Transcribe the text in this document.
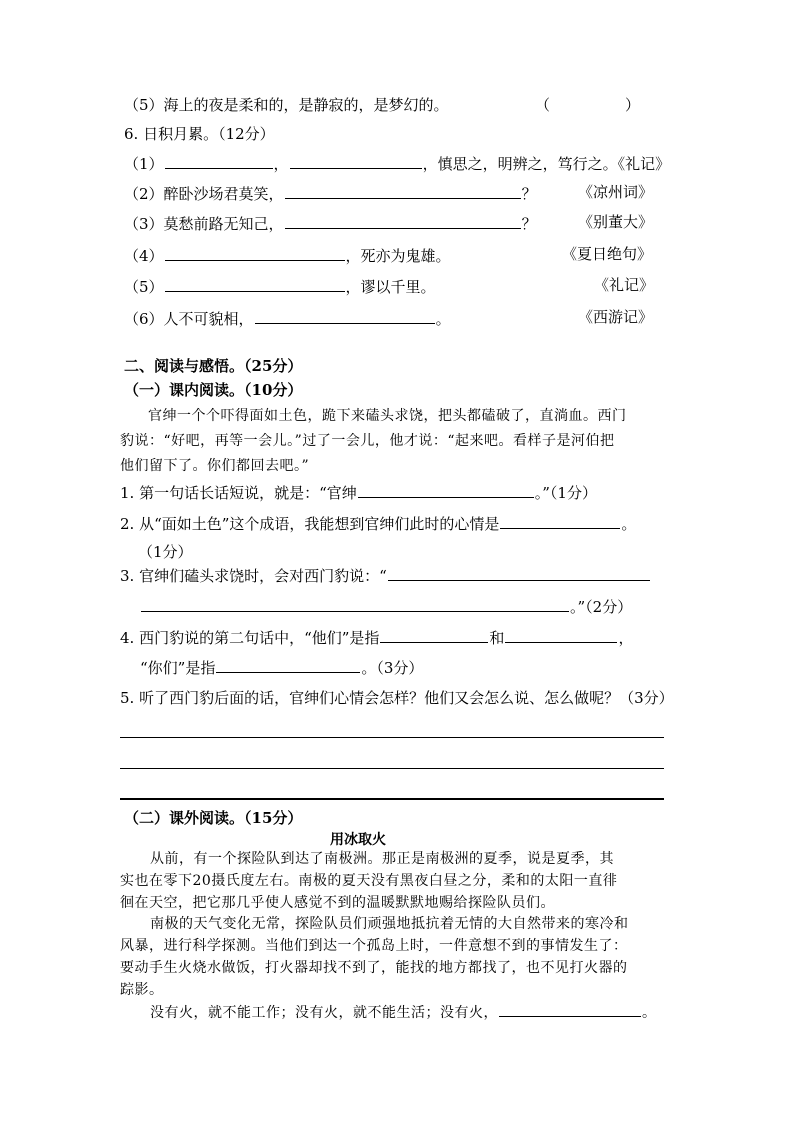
（5）海上的夜是柔和的，是静寂的，是梦幻的。	（　　　　　）
6. 日积月累。（12分）
（1）	，	，慎思之，明辨之，笃行之。《礼记》
（2）醉卧沙场君莫笑，	？	《凉州词》
（3）莫愁前路无知己，	？	《别董大》
（4）	，死亦为鬼雄。	《夏日绝句》
（5）	，谬以千里。	《礼记》
（6）人不可貌相，	。	《西游记》
二、阅读与感悟。（25分）
（一）课内阅读。（10分）
官绅一个个吓得面如土色，跪下来磕头求饶，把头都磕破了，直淌血。西门
豹说：“好吧，再等一会儿。”过了一会儿，他才说：“起来吧。看样子是河伯把
他们留下了。你们都回去吧。”
1. 第一句话长话短说，就是：“官绅	。”（1分）
2. 从“面如土色”这个成语，我能想到官绅们此时的心情是	。
（1分）
3. 官绅们磕头求饶时，会对西门豹说：“
。”（2分）
4. 西门豹说的第二句话中，“他们”是指	和	，
“你们”是指	。（3分）
5. 听了西门豹后面的话，官绅们心情会怎样？他们又会怎么说、怎么做呢？（3分）
（二）课外阅读。（15分）
用冰取火
从前，有一个探险队到达了南极洲。那正是南极洲的夏季，说是夏季，其
实也在零下20摄氏度左右。南极的夏天没有黑夜白昼之分，柔和的太阳一直徘
徊在天空，把它那几乎使人感觉不到的温暖默默地赐给探险队员们。
南极的天气变化无常，探险队员们顽强地抵抗着无情的大自然带来的寒冷和
风暴，进行科学探测。当他们到达一个孤岛上时，一件意想不到的事情发生了：
要动手生火烧水做饭，打火器却找不到了，能找的地方都找了，也不见打火器的
踪影。
没有火，就不能工作；没有火，就不能生活；没有火，	。
